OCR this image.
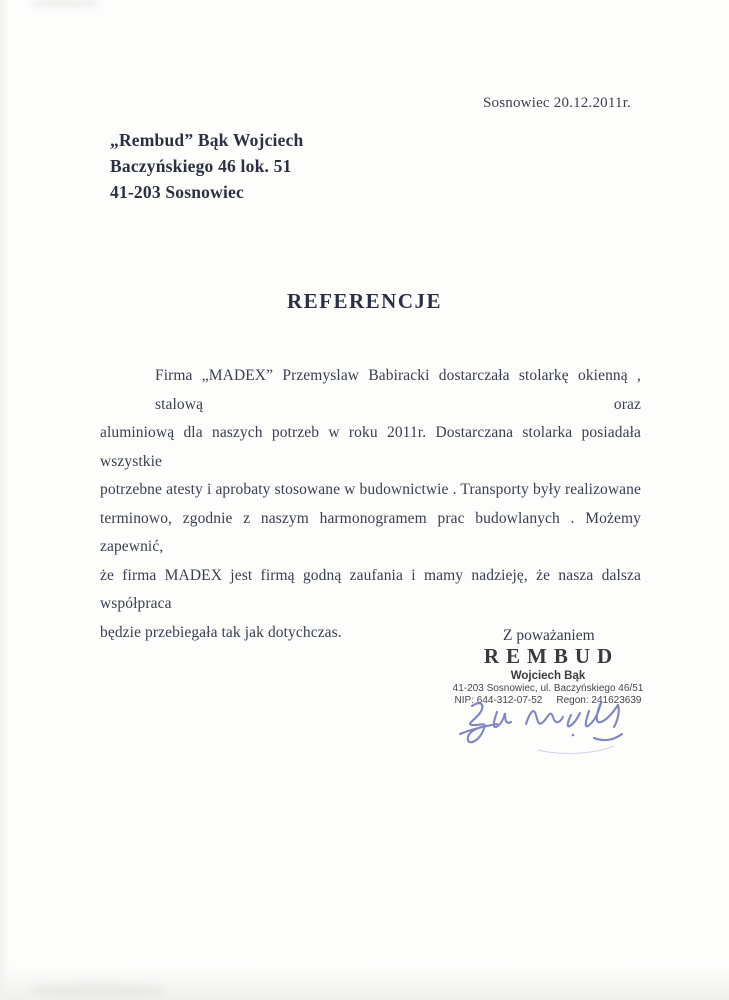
Sosnowiec 20.12.2011r.
„Rembud” Bąk Wojciech
Baczyńskiego 46 lok. 51
41-203 Sosnowiec
REFERENCJE
Firma „MADEX” Przemyslaw Babiracki dostarczała stolarkę okienną , stalową oraz
aluminiową dla naszych potrzeb w roku 2011r. Dostarczana stolarka posiadała wszystkie
potrzebne atesty i aprobaty stosowane w budownictwie . Transporty były realizowane
terminowo, zgodnie z naszym harmonogramem prac budowlanych . Możemy zapewnić,
że firma MADEX jest firmą godną zaufania i mamy nadzieję, że nasza dalsza współpraca
będzie przebiegała tak jak dotychczas.	Z poważaniem
REMBUD
Wojciech Bąk
41-203 Sosnowiec, ul. Baczyńskiego 46/51
NIP: 644-312-07-52 Regon: 241623639
